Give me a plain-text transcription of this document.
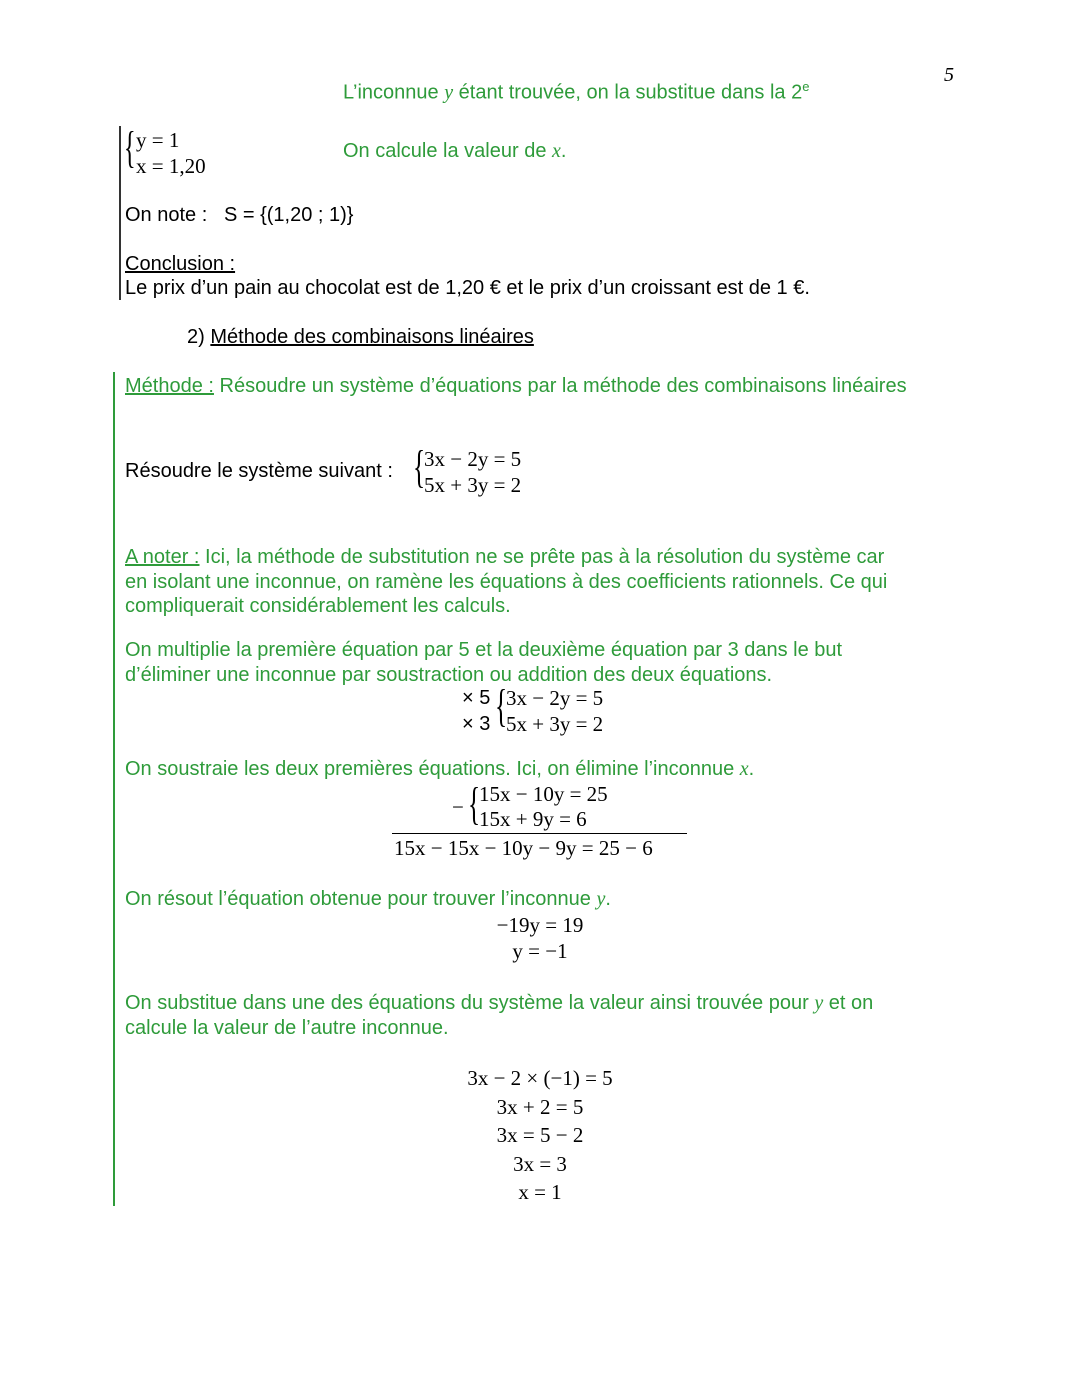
5
L’inconnue y étant trouvée, on la substitue dans la 2e
{ y = 1
x = 1,20
On calcule la valeur de x.
On note : S = {(1,20 ; 1)}
Conclusion :
Le prix d’un pain au chocolat est de 1,20 € et le prix d’un croissant est de 1 €.
2) Méthode des combinaisons linéaires
Méthode : Résoudre un système d’équations par la méthode des combinaisons linéaires
Résoudre le système suivant : {
3x − 2y = 5
5x + 3y = 2
A noter : Ici, la méthode de substitution ne se prête pas à la résolution du système car
en isolant une inconnue, on ramène les équations à des coefficients rationnels. Ce qui
compliquerait considérablement les calculs.
On multiplie la première équation par 5 et la deuxième équation par 3 dans le but
d’éliminer une inconnue par soustraction ou addition des deux équations.
× 5
× 3 {
3x − 2y = 5
5x + 3y = 2
On soustraie les deux premières équations. Ici, on élimine l’inconnue x.
− {
15x − 10y = 25
15x + 9y = 6
15x − 15x − 10y − 9y = 25 − 6
On résout l’équation obtenue pour trouver l’inconnue y.
−19y = 19
y = −1
On substitue dans une des équations du système la valeur ainsi trouvée pour y et on
calcule la valeur de l’autre inconnue.
3x − 2 × (−1) = 5
3x + 2 = 5
3x = 5 − 2
3x = 3
x = 1
